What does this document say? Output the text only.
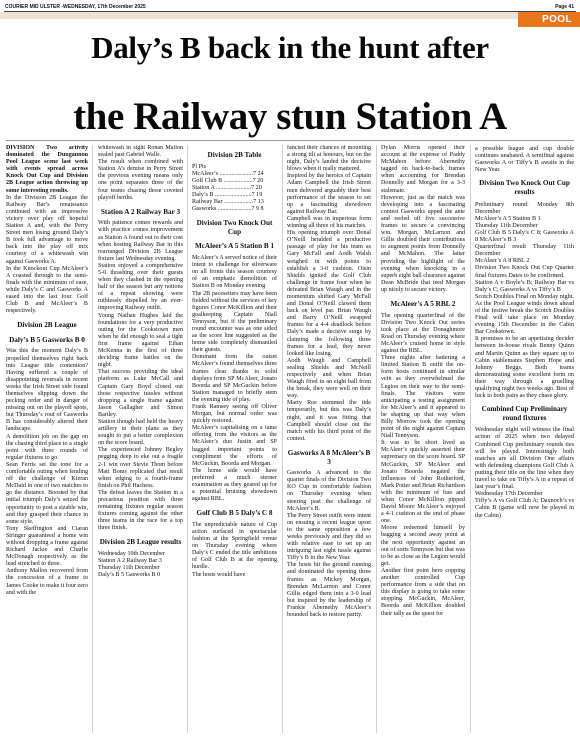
COURIER MID ULSTER -WEDNESDAY, 17th December 2025	Page 41
POOL
Daly’s B back in the hunt after
the Railway stun Station A

DIVISION Two activity dominated the Dungannon Pool League scene last week with events spread across Knock Out Cup and Division 2B League action throwing up some interesting results.

In the Division 2B League the Railway Bar’s renaissance continued with an impressive victory over play off hopeful Station A and, with the Perry Street men losing ground Daly’s B took full advantage to move back into the play off mix courtesy of a whitewash win against Gasworks A.

In the Knockout Cup McAleer’s A coasted through to the semi-finals with the minimum of ease, while Daly’s C and Gasworks A eased into the last four. Golf Club B and McAleer’s B respectively.

Division 2B League
Daly’s B 5 Gasworks B 0

Was this the moment Daly’s B propelled themselves right back into League title contention? Having suffered a couple of disappointing reversals in recent weeks the Irish Street side found themselves slipping down the pecking order and in danger of missing out on the playoff spots, but Thursday’s rout of Gasworks B has considerably altered their landscape.

A demolition job on the gap on the chasing third place to a single point with three rounds of regular fixtures to go.

Sean Ferris set the tone for a comfortable outing when fending off the challenge of Kieran McDaid in one of two matches to go the distance. Boosted by that initial triumph Daly’s seized the opportunity to post a sizable win, and they grasped their chance in some style.

Tony Skeffington and Ciaran Stringer guaranteed a home win without dropping a frame against Richard Jackie and Charlie McDonagh respectively as the lead stretched to three.

Anthony Mallon recovered from the concession of a frame to James Cooke to make it four zero and with the

whitewash in sight Ronan Mallon sealed past Gabriel Walls.

The result when combined with Station A’s demise in Perry Street the previous evening means only one point separates three of the four teams chasing those coveted playoff berths.

Station A 2 Railway Bar 3

With patience comes rewards and with practice comes improvement as Station A found out to their cost when hosting Railway Bar in this rearranged Division 2B League fixture last Wednesday evening.

Station enjoyed a comprehensive 5-0 thrashing over their guests when they clashed in the opening half of the season but any notions of a repeat showing were ruthlessly dispelled by an ever-improving Railway outfit.

Young Nathan Hughes laid the foundations for a very productive outing for the Cookstown men when he did enough to seal a tight first frame against Ethan McKenna in the first of three deciding frame battles on the night.

That success providing the ideal platform as Luke McCall and Captain Gary Boyd closed out those respective tussles without dropping a single frame against Jason Gallagher and Simon Bartley.

Station though had held the heavy artillery in their plans as they sought to put a better complexion on the score board.

The experienced Johnny Begley pegging deep to eke out a fragile 2-1 win over Stevie Thom before Matt Boms replicated that result when edging to a fourth-frame finish on Phil Hachess.

The defeat leaves the Station in a precarious position with three remaining fixtures regular season fixtures coming against the other three teams in the race for a top three finish.

Division 2B League results

Wednesday 10th December

Station A 2 Railway Bar 3

Thursday 11th December

Daly’s B 5 Gasworks B 0

Division 2B Table

Pl Pts

McAleer’s ......................7 24

Golf Club B ...................7 20

Station A .......................7 20

Daly’s B ........................7 19

Railway Bar ...................7 13

Gasworks ......................7 9 8

Division Two Knock Out Cup
McAleer’s A 5 Station B 1

McAleer’s A served notice of their intent to challenge for silverware on all fronts this season courtesy of an emphatic demolition of Station B on Monday evening.

The 2B pacesetters may have been fielded without the services of key figures Conor McKillion and their goalkeeping Captain Niall Tennyson, but if the preliminary round encounter was as one sided as the score line suggested as the home side completely dismantled their guests.

Dominant from the outset McAleer’s found themselves three frames clear thanks to solid displays from SP McAleer, Jonato Boorda and SP McGuckin before Station managed to briefly stem the evening tide of play.

Frank Ramsey seeing off Oliver Morgan, but normal order was quickly restored.

McAleer’s capitalising on a tame offering from the visitors as the McAleer’s duo Justin and SP bagged important points to compliment the efforts of McGuckin, Boorda and Morgan.

The home side would have preferred a much sterner examination as they geared up for a potential bruising showdown against RBL.

Golf Club B 5 Daly’s C 8

The unpredictable nature of Cup action surfaced in spectacular fashion at the Springfield venue on Thursday evening where Daly’s C ended the title ambitions of Golf Club B at the opening hurdle.

The hosts would have

fancied their chances of mounting a strong tilt at honours, but on the night, Daly’s landed the decisive blows when it really mattered.

Inspired by the heroics of Captain Adam Campbell the Irish Street men delivered arguably their best performance of the season to set up a fascinating showdown against Railway Bar.

Campbell was in imperious form winning all three of his matches.

His opening triumph over Donal O’Neill heralded a productive passage of play for his team as Gary McFall and Aodh Walsh weighed in with points to establish a 3-0 cushion. Oisin Shields ignited the Golf Club challenge in frame four when he defeated Brian Waugh and in the momentum shifted Gary McFall and Donal O’Neill clawed them back on level par. Brian Waugh and Barry O’Neill swapped frames for a 4-4 deadlock before Daly’s made a decisive surge by claiming the following three frames for a lead, they never looked like losing.

Aodh Waugh and Campbell sealing Shields and McNeill respectively and when Brian Waugh fired in an eight ball from the break, they were well on their way.

Marty Roe stemmed the tide temporarily, but this was Daly’s night, and it was fitting that Campbell should close out the match with his third point of the contest.

Gasworks A 8 McAleer’s B 3

Gasworks A advanced to the quarter finals of the Division Two KO Cup in comfortable fashion on Thursday evening when steering past the challenge of McAleer’s B.

The Perry Street outfit were intent on ensuing a recent league upset to the same opposition a few weeks previously and they did so with relative ease to set up an intriguing last eight tussle against Tiffy’s B in the New Year.

The hosts hit the ground running and dominated the opening three frames as Mickey Morgan, Brendan McLarnon and Conor Gillis edged them into a 3-0 lead but inspired by the leadership of Frankie Abernethy McAleer’s bounded back to restore parity.

Dylan Morris opened their account at the expense of Paddy McMahon before Abernethy tagged on back-to-back frames when accounting for Brendan Donnelly and Morgan for a 3-3 stalemate.

However, just as the match was developing into a fascinating contest Gasworks upped the ante and reeled off five successive frames to secure a convincing win. Morgan, McLarnon and Gillis doubled their contributions to augment points from Donnelly and McMahon. The latter providing the highlight of the evening when knocking in a superb eight ball clearance against Dean McBride that teed Morgan up nicely to secure victory.

McAleer’s A 5 RBL 2

The opening quarterfinal of the Division Two Knock Out series took place at the Donaghmore Road on Thursday evening where McAleer’s cruised home in style against the RBL.

Three nights after battering a limited Station B outfit the on-form hosts continued in similar vein as they overwhelmed the Legion on their way to the semi-finals. The visitors were anticipating a testing assignment for McAleer’s and it appeared to be shaping up that way when Billy Morrow took the opening point of the night against Captain Niall Tennyson.

It was to be short lived as McAleer’s quickly asserted their supremacy on the score board. SP McGuckin, SP McAleer and Jonato Boorda negated the influences of John Rotherford, Mark Potter and Brian Richardson with the minimum of fuss and when Conor McKillion pipped David Moore McAleer’s enjoyed a 4-1 cushion at the end of phase one.

Moore redeemed himself by bagging a second away point at the next opportunity against an out of sorts Tennyson but that was to be as close as the Legion would get.

Another first point hero copping another controlled Cup performance from a side that on this display is going to take some stopping. McGuckin, McAleer, Boorda and McKillion doubled their tally as the quest for

a possible league and cup double continues unabated. A semifinal against Gasworks A or Tiffy’s B awaits in the New Year.

Division Two Knock Out Cup results

Preliminary round: Monday 8th December

McAleer’s A 5 Station B 1

Thursday 11th December

Golf Club B 5 Daly’s C 8; Gasworks A 8 McAleer’s B 3

Quarterfinal result Thursday 11th December

McAleer’s A 8 RBL 2

Division Two Knock Out Cup Quarter final fixtures Dates to be confirmed.

Station A v Boyle’s B; Railway Bar vs Daly’s C; Gasworks A vs Tiffy’s B

Scotch Doubles Final on Monday night.

As the Pool League winds down ahead of the festive break the Scotch Doubles Final will take place on Monday evening 15th December in the Cabin Bar Cookstown.

It promises to be an appetising decider between in-house rivals Benny Quinn and Martin Quinn as they square up to Cabin stablemates Stephen Hope and Johnny Beggs. Both teams demonstrating some excellent form on their way through a gruelling qualifying night two weeks ago. Best of luck to both pairs as they chase glory.

Combined Cup Preliminary round fixtures

Wednesday night will witness the final action of 2025 when two delayed Combined Cup preliminary rounds ties will be played. Interestingly both matches are all Division One affairs with defending champions Golf Club A putting their title on the line when they travel to take on Tiffy’s A in a repeat of last year’s final.

Wednesday 17th December

Tiffy’s A vs Golf Club A; Daxnoch’s vs Cabin B (game will now be played in the Cabin)
